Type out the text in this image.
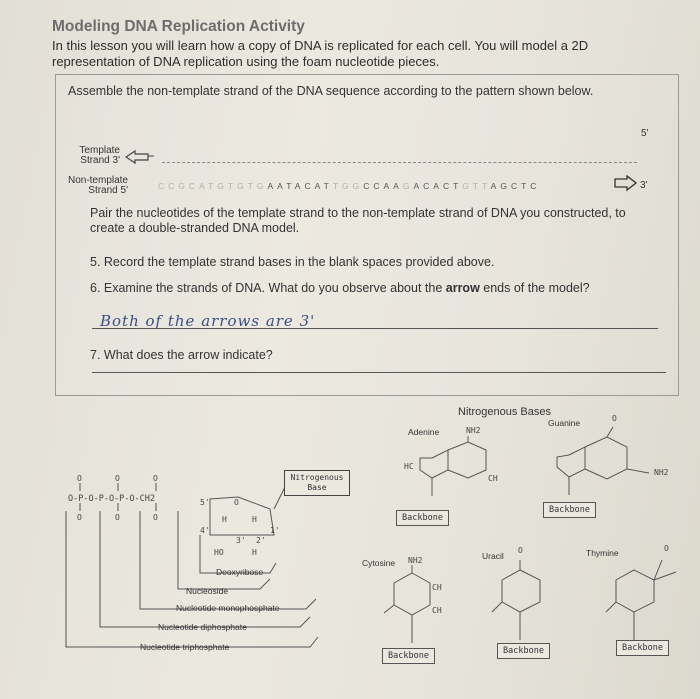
Modeling DNA Replication Activity
In this lesson you will learn how a copy of DNA is replicated for each cell. You will model a 2D representation of DNA replication using the foam nucleotide pieces.
Assemble the non-template strand of the DNA sequence according to the pattern shown below.
Template
Strand 3'
5'
Non-template
Strand 5'	CCGCATGTGTGAATACATTGGCCAAGACACTGTTAGCTC	3'
Pair the nucleotides of the template strand to the non-template strand of DNA you constructed, to create a double-stranded DNA model.
5. Record the template strand bases in the blank spaces provided above.
6. Examine the strands of DNA. What do you observe about the arrow ends of the model?
Both of the arrows are 3'
7. What does the arrow indicate?
O-P-O-P-O-P-O-CH2
O	O	O
O	O	O
O
5'
4'	1'
3' 2'
H	H
HO	H
Nitrogenous
Base
Deoxyribose
Nucleoside
Nucleotide monophosphate
Nucleotide diphosphate
Nucleotide triphosphate
Nitrogenous Bases
Adenine	NH2
HC
CH
Backbone
Guanine	O
NH2
Backbone
Cytosine NH2
CH
CH
Backbone
Uracil
O
Backbone
Thymine	O
Backbone
